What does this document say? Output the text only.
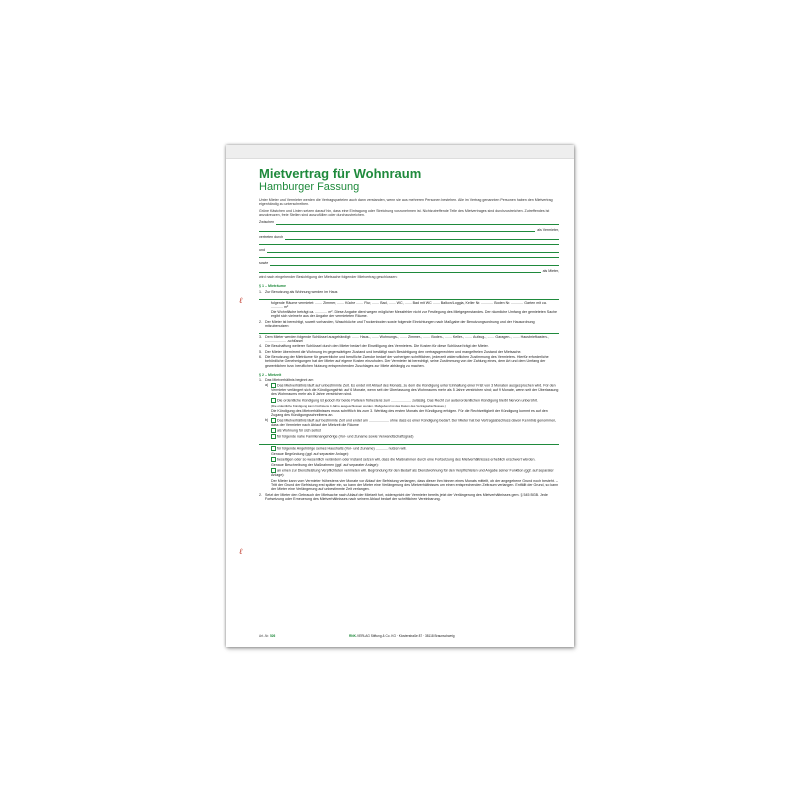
Mietvertrag für Wohnraum
Hamburger Fassung
Unter Mieter und Vermieter werden die Vertragsparteien auch dann verstanden, wenn sie aus mehreren Personen bestehen. Alle im Vertrag genannten Personen haben den Mietvertrag eigenhändig zu unterschreiben.
Grüne Kästchen und Linien setzen darauf hin, dass eine Eintragung oder Streichung vorzunehmen ist. Nichtzutreffende Teile des Mietvertrages sind durchzustreichen. Zutreffendes ist anzukreuzen, freie Stellen sind auszufüllen oder durchzustreichen.
Zwischen
als Vermieter,
vertreten durch
und
sowie
als Mieter,
wird nach eingehender Besichtigung der Mietsache folgender Mietvertrag geschlossen:
§ 1 – Mieträume
1. Zur Benutzung als Wohnung werden im Haus
folgende Räume vermietet: ....... Zimmer, ....... Küche ....... Flur, ....... Bad, ....... WC, ....... Bad mit WC ....... Balkon/Loggia, Keller Nr. ............ Boden Nr. ............ Garten mit ca. ............ m²
Die Wohnfläche beträgt ca. ............ m². Diese Angabe dient wegen möglicher Messfehler nicht zur Festlegung des Mietgegenstandes. Der räumliche Umfang der gemieteten Sache ergibt sich vielmehr aus der Angabe der vermieteten Räume.
2. Der Mieter ist berechtigt, soweit vorhanden, Waschküche und Trockenboden sowie folgende Einrichtungen nach Maßgabe der Benutzungsordnung und der Hausordnung mitzubenutzen:
3. Dem Mieter werden folgende Schlüssel ausgehändigt: ....... Haus-, ....... Wohnungs-, ....... Zimmer-, ....... Boden-, ....... Keller-, ....... Aufzug-, ....... Garagen-, ....... Hausbriefkasten-, ..................... -schlüssel
4. Die Beschaffung weiterer Schlüssel durch den Mieter bedarf der Einwilligung des Vermieters. Die Kosten für diese Schlüssel trägt der Mieter.
5. Der Mieter übernimmt die Wohnung im gegenwärtigen Zustand und bestätigt nach Besichtigung den vertragsgerechten und mangelfreien Zustand der Mietsache.
6. Die Benutzung der Mieträume für gewerbliche und berufliche Zwecke bedarf der vorherigen schriftlichen, jederzeit widerruflichen Zustimmung des Vermieters. Hierfür erforderliche behördliche Genehmigungen hat der Mieter auf eigene Kosten einzuholen. Der Vermieter ist berechtigt, seine Zustimmung von der Zahlung eines, dem Art und dem Umfang der gewerblichen bzw. beruflichen Nutzung entsprechenden Zuschlages zur Miete abhängig zu machen.
§ 2 – Mietzeit
1. Das Mietverhältnis beginnt am
a)	Das Mietverhältnis läuft auf unbestimmte Zeit. Es endet mit Ablauf des Monats, zu dem die Kündigung unter Einhaltung einer Frist von 3 Monaten ausgesprochen wird. Für den Vermieter verlängert sich die Kündigungsfrist: auf 6 Monate, wenn seit der Überlassung des Wohnraums mehr als 5 Jahre verstrichen sind; auf 9 Monate, wenn seit der Überlassung des Wohnraums mehr als 8 Jahre verstrichen sind.
Die ordentliche Kündigung ist jedoch für beide Parteien frühestens zum .................... zulässig. Das Recht zur außerordentlichen Kündigung bleibt hiervon unberührt.
(Die ordentliche Kündigung kann höchstens 4 Jahre ausgeschlossen werden. Maßgebend ist das Datum des Vertragsabschlusses.)
Die Kündigung des Mietverhältnisses muss schriftlich bis zum 3. Werktag des ersten Monats der Kündigung erfolgen. Für die Rechtzeitigkeit der Kündigung kommt es auf den Zugang des Kündigungsschreibens an.
b)	Das Mietverhältnis läuft auf bestimmte Zeit und endet am .................... ohne dass es einer Kündigung bedarf. Der Mieter hat bei Vertragsabschluss davon Kenntnis genommen, dass der Vermieter nach Ablauf der Mietzeit die Räume
als Wohnung für sich selbst
für folgende nahe Familienangehörige (Vor- und Zuname sowie Verwandtschaftsgrad)
für folgende Angehörige seines Haushalts (Vor- und Zuname) ............ nutzen will.
Genaue Begründung (ggf. auf separater Anlage):
beseitigen oder so wesentlich verändern oder instand setzen will, dass die Maßnahmen durch eine Fortsetzung des Mietverhältnisses erheblich erschwert würden.
Genaue Beschreibung der Maßnahmen (ggf. auf separater Anlage):
an einen zur Dienstleistung Verpflichteten vermieten will. Begründung für den Bedarf als Dienstwohnung für den Verpflichteten und Angabe seiner Funktion (ggf. auf separater Anlage):
Der Mieter kann vom Vermieter frühestens vier Monate vor Ablauf der Befristung verlangen, dass dieser ihm binnen eines Monats mitteilt, ob der angegebene Grund noch besteht. – Tritt der Grund der Befristung erst später ein, so kann der Mieter eine Verlängerung des Mietverhältnisses um einen entsprechenden Zeitraum verlangen. Entfällt der Grund, so kann der Mieter eine Verlängerung auf unbestimmte Zeit verlangen.
2. Setzt der Mieter den Gebrauch der Mietsache nach Ablauf der Mietzeit fort, widerspricht der Vermieter bereits jetzt der Verlängerung des Mietverhältnisses gem. § 545 BGB. Jede Fortsetzung oder Erneuerung des Mietverhältnisses nach seinem Ablauf bedarf der schriftlichen Vereinbarung.
Art.-Nr. 526	RNK-VERLAG Stiftung & Co. KG · Klosterstraße 87 · 38118 Braunschweig
ℓ
ℓ
